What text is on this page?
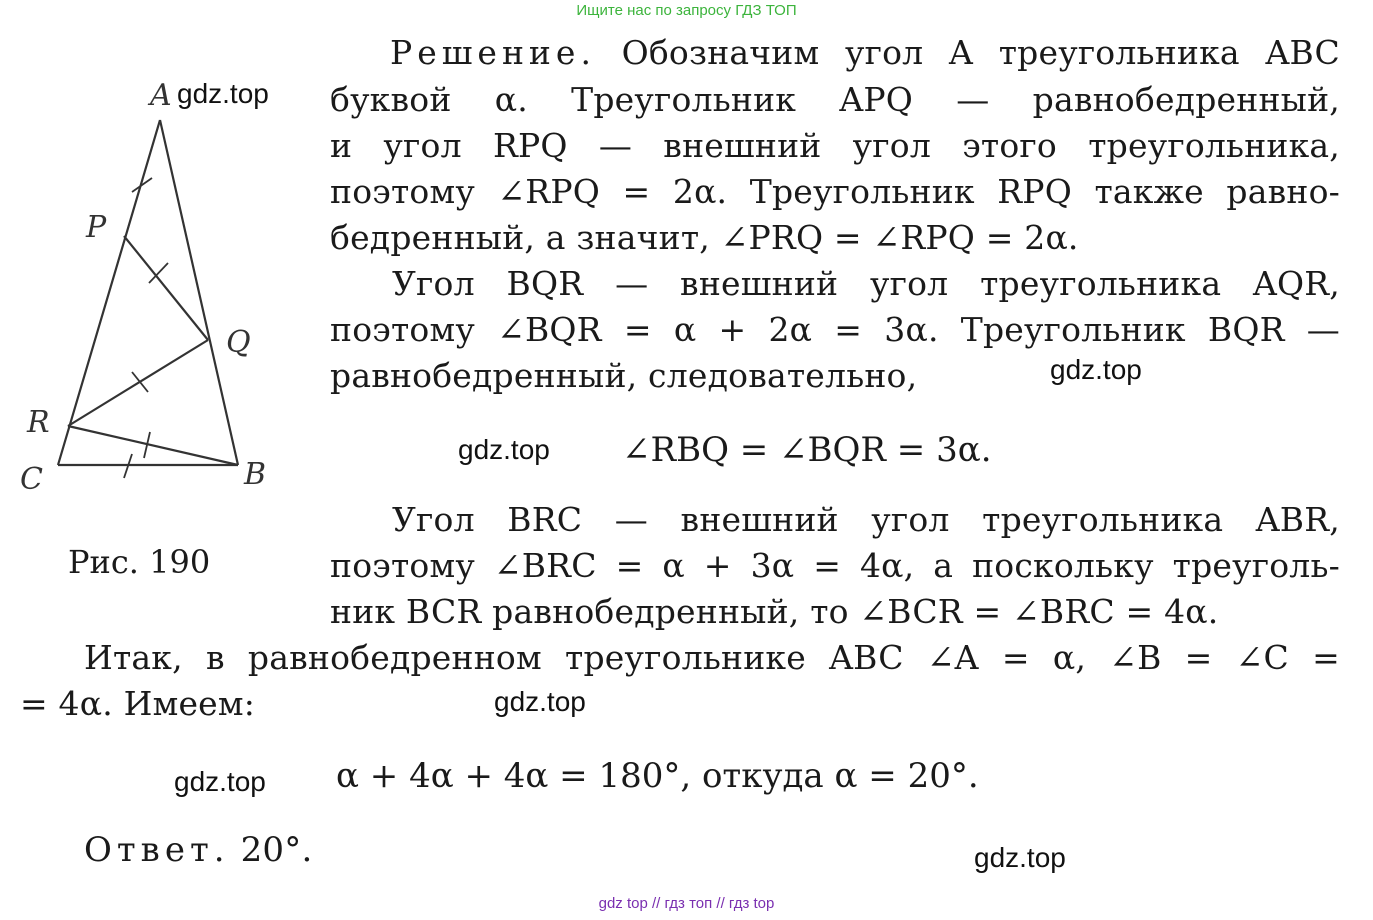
Ищите нас по запросу ГДЗ ТОП
A
P
Q
R
C	B
Рис. 190
Решение. Обозначим угол A треугольника ABC
буквой α. Треугольник APQ — равнобедренный,
и угол RPQ — внешний угол этого треугольника,
поэтому ∠RPQ = 2α. Треугольник RPQ также равно-
бедренный, а значит, ∠PRQ = ∠RPQ = 2α.
Угол BQR — внешний угол треугольника AQR,
поэтому ∠BQR = α + 2α = 3α. Треугольник BQR —
равнобедренный, следовательно,
∠RBQ = ∠BQR = 3α.
Угол BRC — внешний угол треугольника ABR,
поэтому ∠BRC = α + 3α = 4α, а поскольку треуголь-
ник BCR равнобедренный, то ∠BCR = ∠BRC = 4α.
Итак, в равнобедренном треугольнике ABC ∠A = α, ∠B = ∠C =
= 4α. Имеем:
α + 4α + 4α = 180°, откуда α = 20°.
Ответ. 20°.
gdz.top
gdz.top
gdz.top
gdz.top
gdz.top
gdz.top
gdz top // гдз топ // гдз top
